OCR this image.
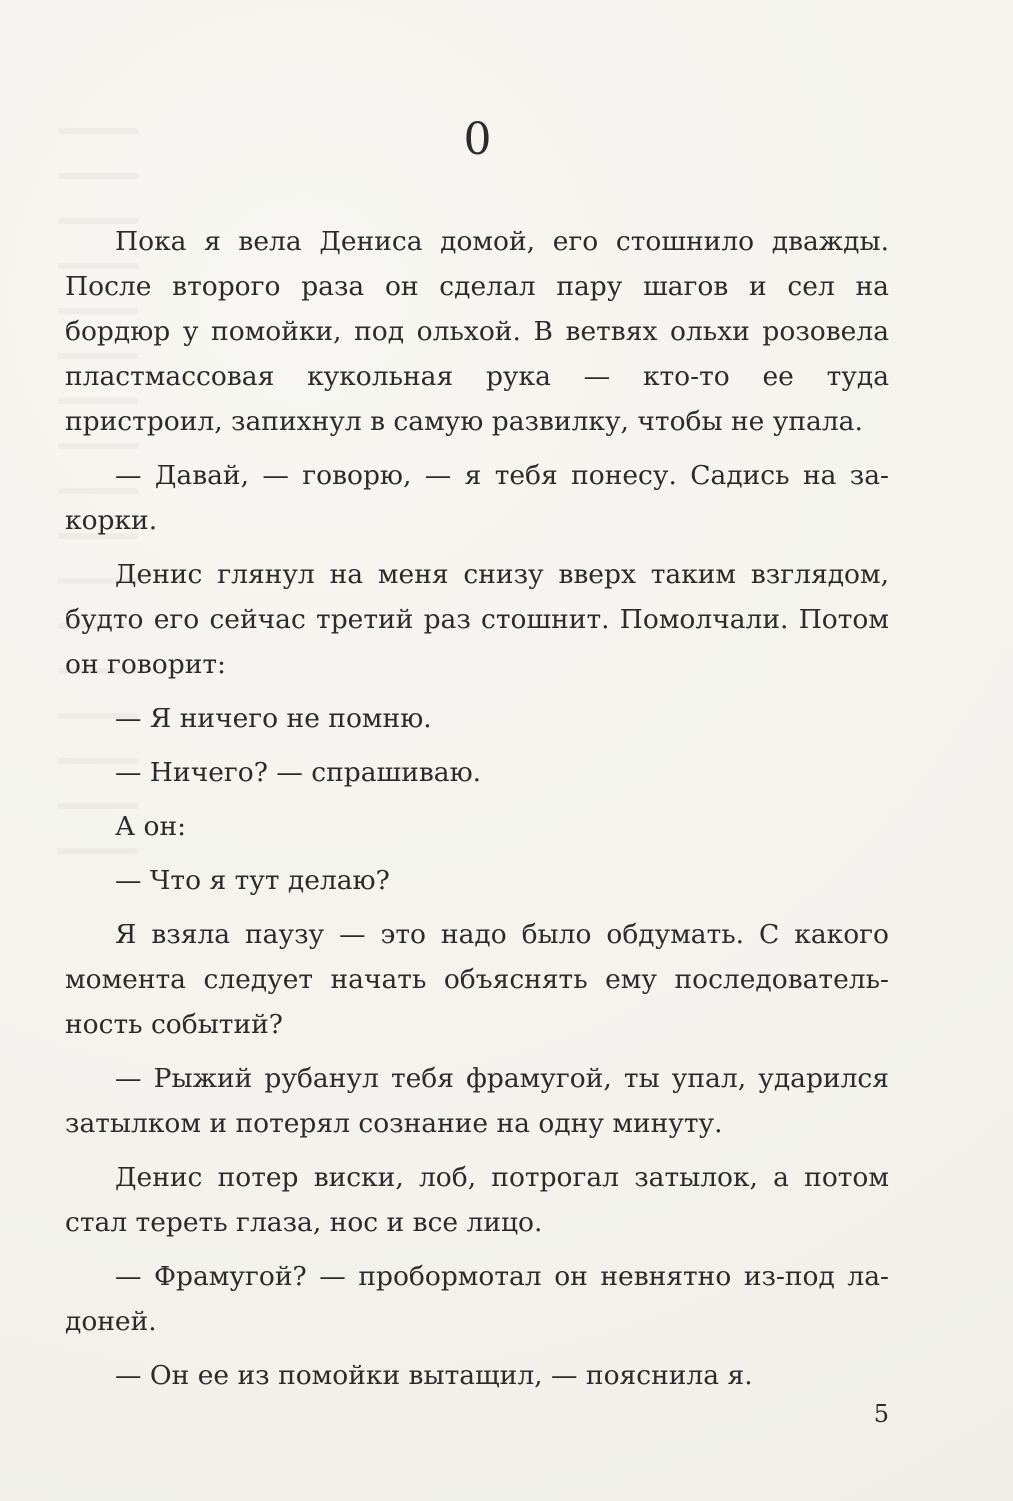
0

Пока я вела Дениса домой, его стошнило дважды. После второго раза он сделал пару шагов и сел на бордюр у помойки, под ольхой. В ветвях ольхи розовела пластмассовая кукольная рука — кто-то ее туда пристроил, запихнул в самую развилку, чтобы не упала.

— Давай, — говорю, — я тебя понесу. Садись на закорки.

Денис глянул на меня снизу вверх таким взглядом, будто его сейчас третий раз стошнит. Помолчали. Потом он говорит:

— Я ничего не помню.

— Ничего? — спрашиваю.

А он:

— Что я тут делаю?

Я взяла паузу — это надо было обдумать. С какого момента следует начать объяснять ему последовательность событий?

— Рыжий рубанул тебя фрамугой, ты упал, ударился затылком и потерял сознание на одну минуту.

Денис потер виски, лоб, потрогал затылок, а потом стал тереть глаза, нос и все лицо.

— Фрамугой? — пробормотал он невнятно из-под ладоней.

— Он ее из помойки вытащил, — пояснила я.

5
